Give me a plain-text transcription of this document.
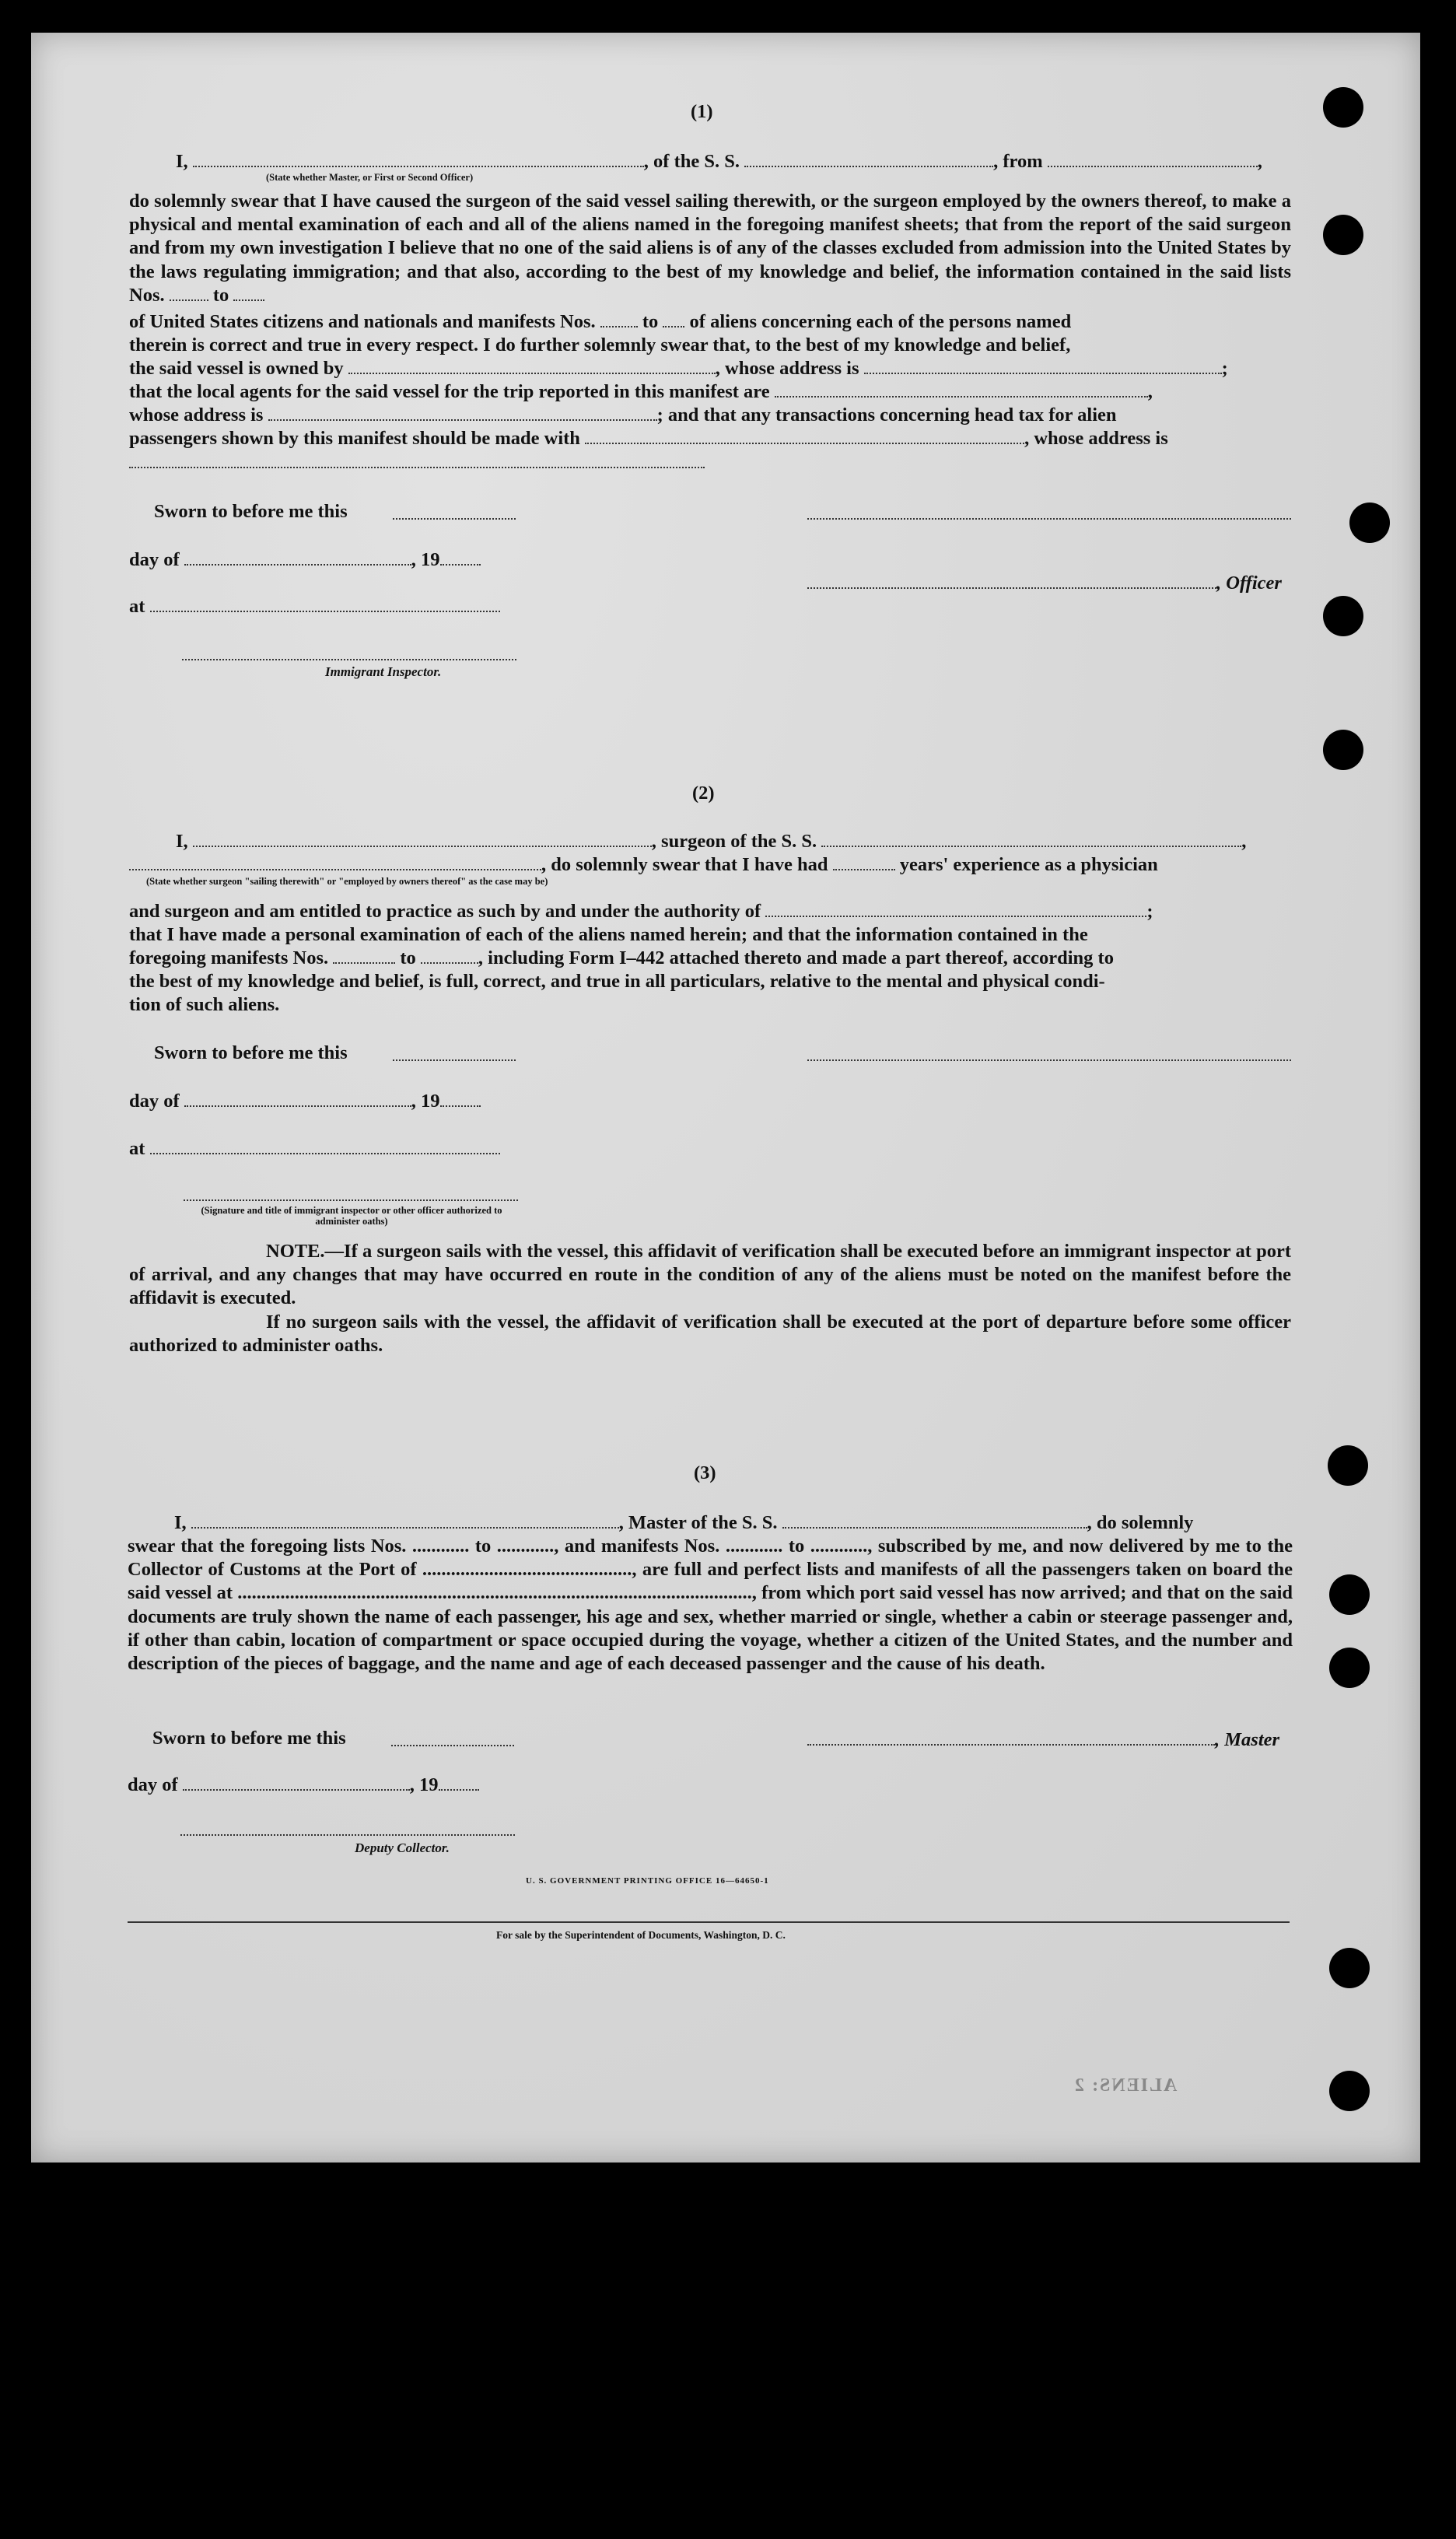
(1)
I,	, of the S. S.	, from	,
(State whether Master, or First or Second Officer)
do solemnly swear that I have caused the surgeon of the said vessel sailing therewith, or the surgeon employed by the owners thereof, to make a physical and mental examination of each and all of the aliens named in the foregoing manifest sheets; that from the report of the said surgeon and from my own investigation I believe that no one of the said aliens is of any of the classes excluded from admission into the United States by the laws regulating immigration; and that also, according to the best of my knowledge and belief, the information contained in the said lists Nos.	to
of United States citizens and nationals and manifests Nos. to of aliens concerning each of the persons named
therein is correct and true in every respect. I do further solemnly swear that, to the best of my knowledge and belief,
the said vessel is owned by	, whose address is	;
that the local agents for the said vessel for the trip reported in this manifest are	,
whose address is	; and that any transactions concerning head tax for alien
passengers shown by this manifest should be made with	, whose address is
Sworn to before me this
day of	, 19
, Officer
at
Immigrant Inspector.
(2)
I,	, surgeon of the S. S.	,
, do solemnly swear that I have had	years' experience as a physician
(State whether surgeon "sailing therewith" or "employed by owners thereof" as the case may be)
and surgeon and am entitled to practice as such by and under the authority of	;
that I have made a personal examination of each of the aliens named herein; and that the information contained in the
foregoing manifests Nos.	to	, including Form I–442 attached thereto and made a part thereof, according to
the best of my knowledge and belief, is full, correct, and true in all particulars, relative to the mental and physical condi-
tion of such aliens.
Sworn to before me this
day of	, 19
at
(Signature and title of immigrant inspector or other officer authorized to administer oaths)
NOTE.—If a surgeon sails with the vessel, this affidavit of verification shall be executed before an immigrant inspector at port of arrival, and any changes that may have occurred en route in the condition of any of the aliens must be noted on the manifest before the affidavit is executed.
If no surgeon sails with the vessel, the affidavit of verification shall be executed at the port of departure before some officer authorized to administer oaths.
(3)
I,	, Master of the S. S.	, do solemnly
swear that the foregoing lists Nos. ............ to ............, and manifests Nos. ............ to ............, subscribed by me, and now delivered by me to the Collector of Customs at the Port of ............................................, are full and perfect lists and manifests of all the passengers taken on board the said vessel at ............................................................................................................, from which port said vessel has now arrived; and that on the said documents are truly shown the name of each passenger, his age and sex, whether married or single, whether a cabin or steerage passenger and, if other than cabin, location of compartment or space occupied during the voyage, whether a citizen of the United States, and the number and description of the pieces of baggage, and the name and age of each deceased passenger and the cause of his death.
Sworn to before me this	, Master
day of	, 19
Deputy Collector.
U. S. GOVERNMENT PRINTING OFFICE 16—64650-1
For sale by the Superintendent of Documents, Washington, D. C.
ALIENS: 2
